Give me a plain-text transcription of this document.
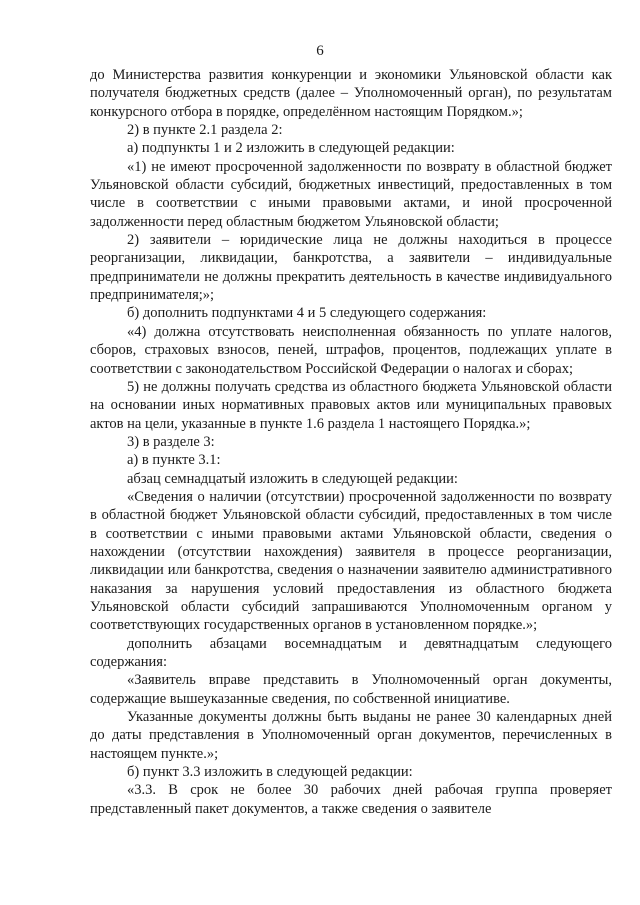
6

до Министерства развития конкуренции и экономики Ульяновской области как получателя бюджетных средств (далее – Уполномоченный орган), по результатам конкурсного отбора в порядке, определённом настоящим Порядком.»;

2) в пункте 2.1 раздела 2:

а) подпункты 1 и 2 изложить в следующей редакции:

«1) не имеют просроченной задолженности по возврату в областной бюджет Ульяновской области субсидий, бюджетных инвестиций, предоставленных в том числе в соответствии с иными правовыми актами, и иной просроченной задолженности перед областным бюджетом Ульяновской области;

2) заявители – юридические лица не должны находиться в процессе реорганизации, ликвидации, банкротства, а заявители – индивидуальные предприниматели не должны прекратить деятельность в качестве индивидуального предпринимателя;»;

б) дополнить подпунктами 4 и 5 следующего содержания:

«4) должна отсутствовать неисполненная обязанность по уплате налогов, сборов, страховых взносов, пеней, штрафов, процентов, подлежащих уплате в соответствии с законодательством Российской Федерации о налогах и сборах;

5) не должны получать средства из областного бюджета Ульяновской области на основании иных нормативных правовых актов или муниципальных правовых актов на цели, указанные в пункте 1.6 раздела 1 настоящего Порядка.»;

3) в разделе 3:

а) в пункте 3.1:

абзац семнадцатый изложить в следующей редакции:

«Сведения о наличии (отсутствии) просроченной задолженности по возврату в областной бюджет Ульяновской области субсидий, предоставленных в том числе в соответствии с иными правовыми актами Ульяновской области, сведения о нахождении (отсутствии нахождения) заявителя в процессе реорганизации, ликвидации или банкротства, сведения о назначении заявителю административного наказания за нарушения условий предоставления из областного бюджета Ульяновской области субсидий запрашиваются Уполномоченным органом у соответствующих государственных органов в установленном порядке.»;

дополнить абзацами восемнадцатым и девятнадцатым следующего содержания:

«Заявитель вправе представить в Уполномоченный орган документы, содержащие вышеуказанные сведения, по собственной инициативе.

Указанные документы должны быть выданы не ранее 30 календарных дней до даты представления в Уполномоченный орган документов, перечисленных в настоящем пункте.»;

б) пункт 3.3 изложить в следующей редакции:

«3.3. В срок не более 30 рабочих дней рабочая группа проверяет представленный пакет документов, а также сведения о заявителе
